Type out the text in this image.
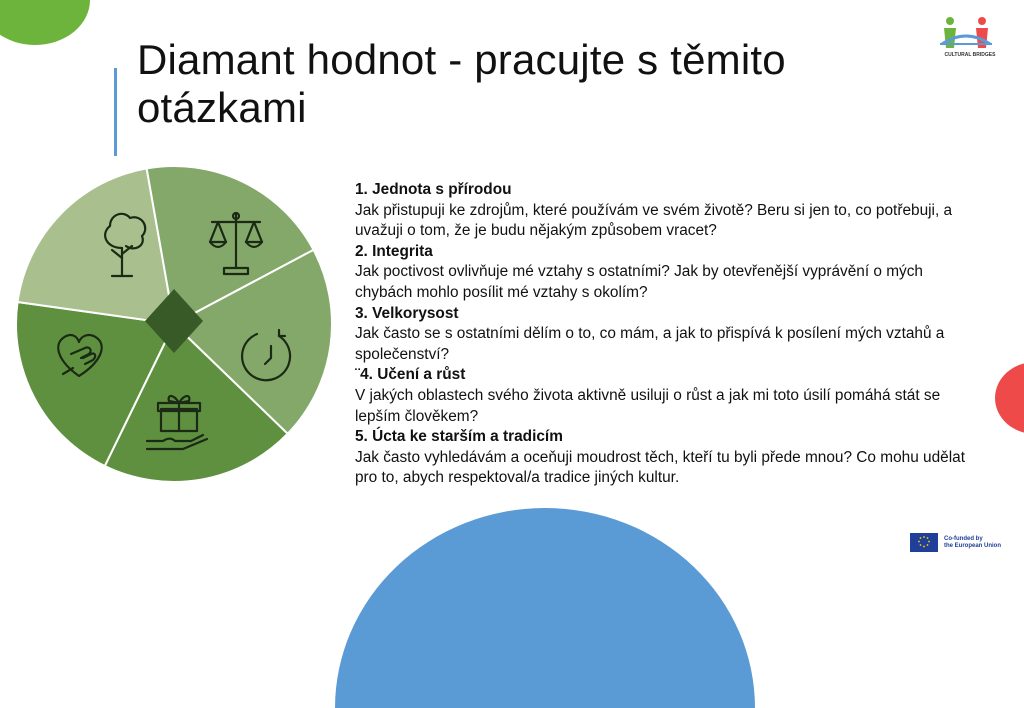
Diamant hodnot - pracujte s těmito otázkami
CULTURAL BRIDGES

1. Jednota s přírodou

Jak přistupuji ke zdrojům, které používám ve svém životě? Beru si jen to, co potřebuji, a uvažuji o tom, že je budu nějakým způsobem vracet?

2. Integrita

Jak poctivost ovlivňuje mé vztahy s ostatními? Jak by otevřenější vyprávění o mých chybách mohlo posílit mé vztahy s okolím?

3. Velkorysost

Jak často se s ostatními dělím o to, co mám, a jak to přispívá k posílení mých vztahů a společenství?

¨4. Učení a růst

V jakých oblastech svého života aktivně usiluji o růst a jak mi toto úsilí pomáhá stát se lepším člověkem?

5. Úcta ke starším a tradicím

Jak často vyhledávám a oceňuji moudrost těch, kteří tu byli přede mnou? Co mohu udělat pro to, abych respektoval/a tradice jiných kultur.

Co-funded by
the European Union
